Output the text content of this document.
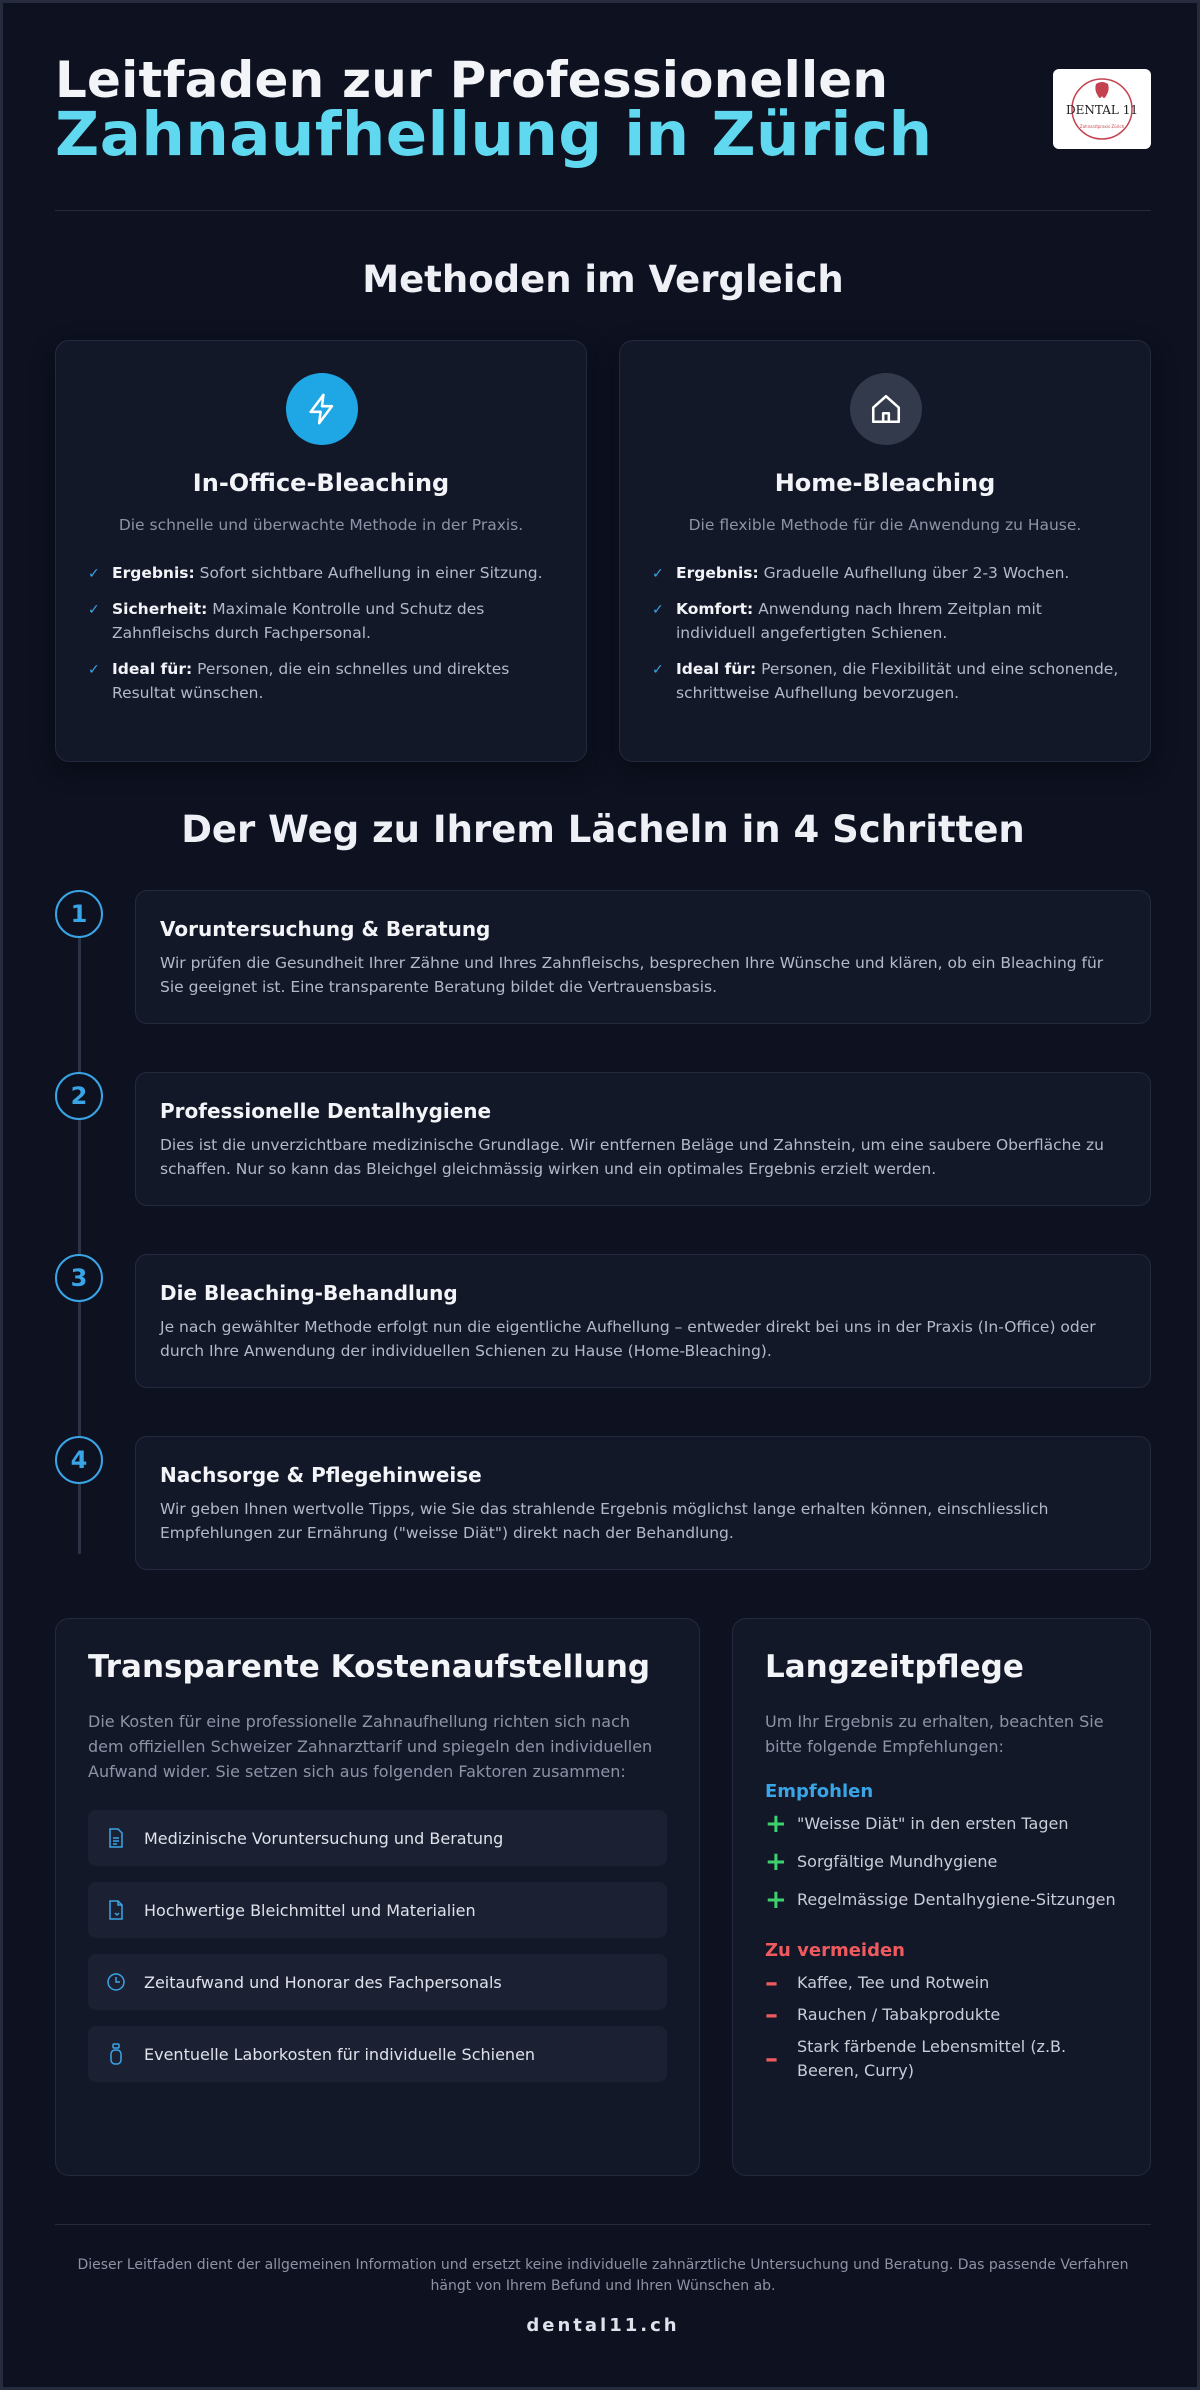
Leitfaden zur Professionellen
Zahnaufhellung in Zürich	DENTAL 11
Zahnarztpraxis Zürich
Methoden im Vergleich
In-Office-Bleaching
Die schnelle und überwachte Methode in der Praxis.
✓ Ergebnis: Sofort sichtbare Aufhellung in einer Sitzung.
✓ Sicherheit: Maximale Kontrolle und Schutz des Zahnfleischs durch Fachpersonal.
✓ Ideal für: Personen, die ein schnelles und direktes Resultat wünschen.
Home-Bleaching
Die flexible Methode für die Anwendung zu Hause.
✓ Ergebnis: Graduelle Aufhellung über 2-3 Wochen.
✓ Komfort: Anwendung nach Ihrem Zeitplan mit individuell angefertigten Schienen.
✓ Ideal für: Personen, die Flexibilität und eine schonende, schrittweise Aufhellung bevorzugen.
Der Weg zu Ihrem Lächeln in 4 Schritten
1
Voruntersuchung & Beratung

Wir prüfen die Gesundheit Ihrer Zähne und Ihres Zahnfleischs, besprechen Ihre Wünsche und klären, ob ein Bleaching für Sie geeignet ist. Eine transparente Beratung bildet die Vertrauensbasis.

2
Professionelle Dentalhygiene

Dies ist die unverzichtbare medizinische Grundlage. Wir entfernen Beläge und Zahnstein, um eine saubere Oberfläche zu schaffen. Nur so kann das Bleichgel gleichmässig wirken und ein optimales Ergebnis erzielt werden.

3
Die Bleaching-Behandlung

Je nach gewählter Methode erfolgt nun die eigentliche Aufhellung – entweder direkt bei uns in der Praxis (In-Office) oder durch Ihre Anwendung der individuellen Schienen zu Hause (Home-Bleaching).

4
Nachsorge & Pflegehinweise

Wir geben Ihnen wertvolle Tipps, wie Sie das strahlende Ergebnis möglichst lange erhalten können, einschliesslich Empfehlungen zur Ernährung ("weisse Diät") direkt nach der Behandlung.

Transparente Kostenaufstellung

Die Kosten für eine professionelle Zahnaufhellung richten sich nach dem offiziellen Schweizer Zahnarzttarif und spiegeln den individuellen Aufwand wider. Sie setzen sich aus folgenden Faktoren zusammen:

Medizinische Voruntersuchung und Beratung
Hochwertige Bleichmittel und Materialien
Zeitaufwand und Honorar des Fachpersonals
Eventuelle Laborkosten für individuelle Schienen
Langzeitpflege

Um Ihr Ergebnis zu erhalten, beachten Sie bitte folgende Empfehlungen:

Empfohlen
+ "Weisse Diät" in den ersten Tagen
+ Sorgfältige Mundhygiene
+ Regelmässige Dentalhygiene-Sitzungen
Zu vermeiden
–	Kaffee, Tee und Rotwein
–	Rauchen / Tabakprodukte
–	Stark färbende Lebensmittel (z.B. Beeren, Curry)

Dieser Leitfaden dient der allgemeinen Information und ersetzt keine individuelle zahnärztliche Untersuchung und Beratung. Das passende Verfahren hängt von Ihrem Befund und Ihren Wünschen ab.

dental11.ch
